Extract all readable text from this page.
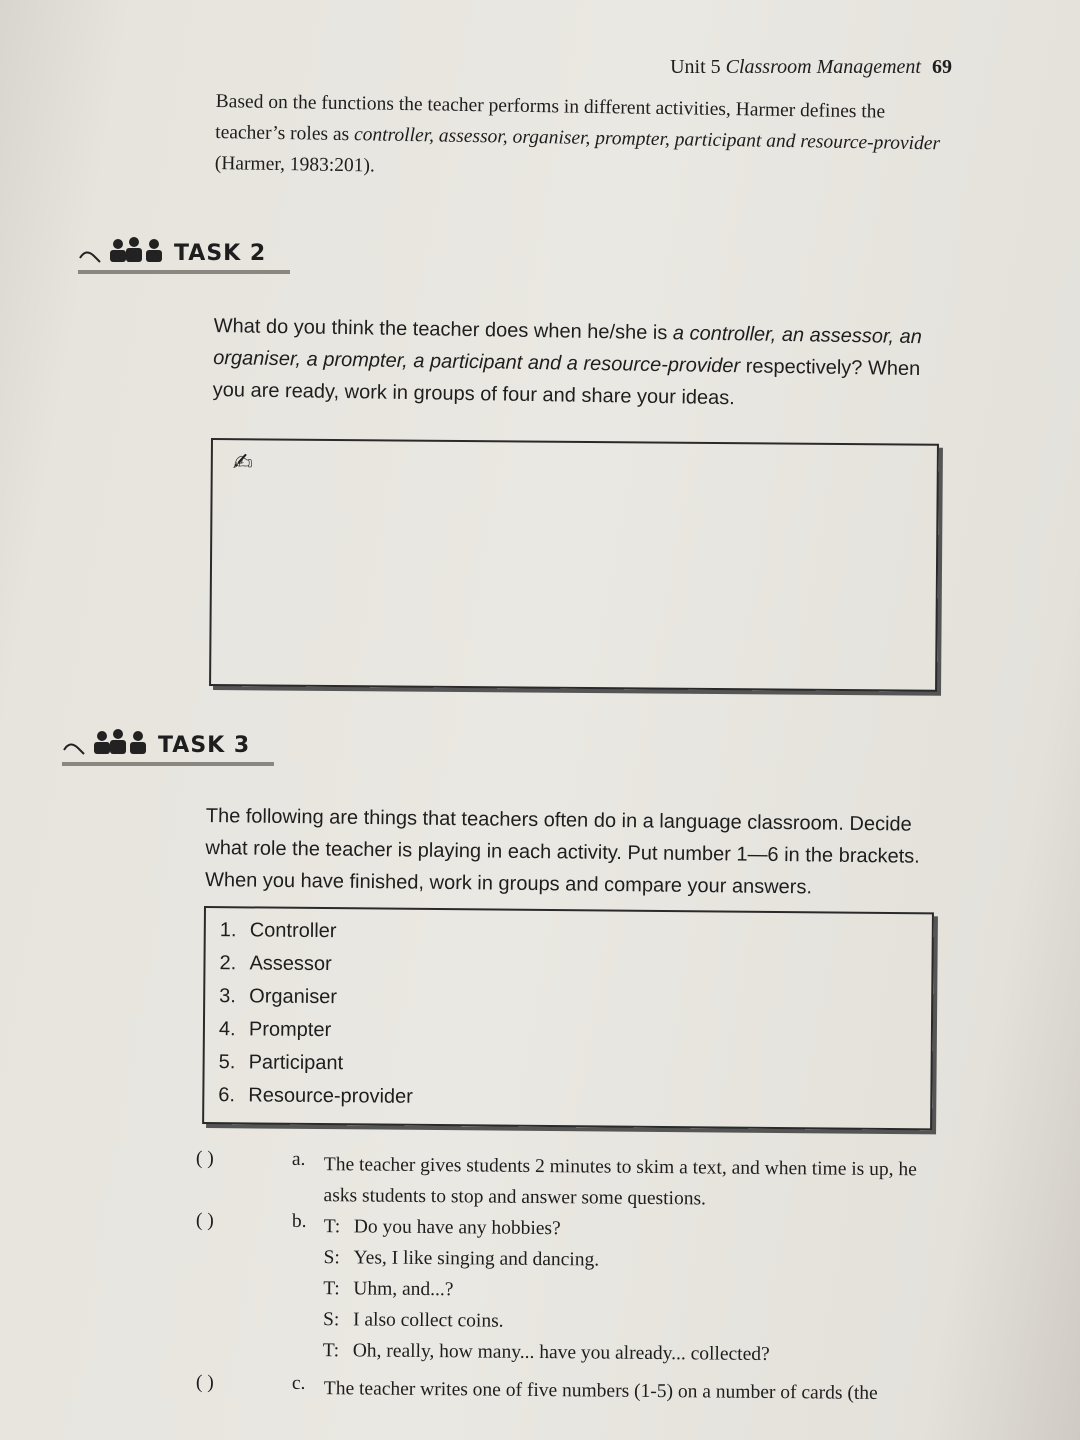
Unit 5 Classroom Management 69
Based on the functions the teacher performs in different activities, Harmer defines the teacher’s roles as controller, assessor, organiser, prompter, participant and resource-provider (Harmer, 1983:201).
TASK 2
What do you think the teacher does when he/she is a controller, an assessor, an organiser, a prompter, a participant and a resource-provider respectively? When you are ready, work in groups of four and share your ideas.
✍
TASK 3
The following are things that teachers often do in a language classroom. Decide what role the teacher is playing in each activity. Put number 1—6 in the brackets. When you have finished, work in groups and compare your answers.
1. Controller
2. Assessor
3. Organiser
4. Prompter
5. Participant
6. Resource-provider
( )	a. The teacher gives students 2 minutes to skim a text, and when time is up, he asks students to stop and answer some questions.
( )	b. T: Do you have any hobbies?
S: Yes, I like singing and dancing.
T: Uhm, and...?
S: I also collect coins.
T: Oh, really, how many... have you already... collected?
( )	c. The teacher writes one of five numbers (1-5) on a number of cards (the
